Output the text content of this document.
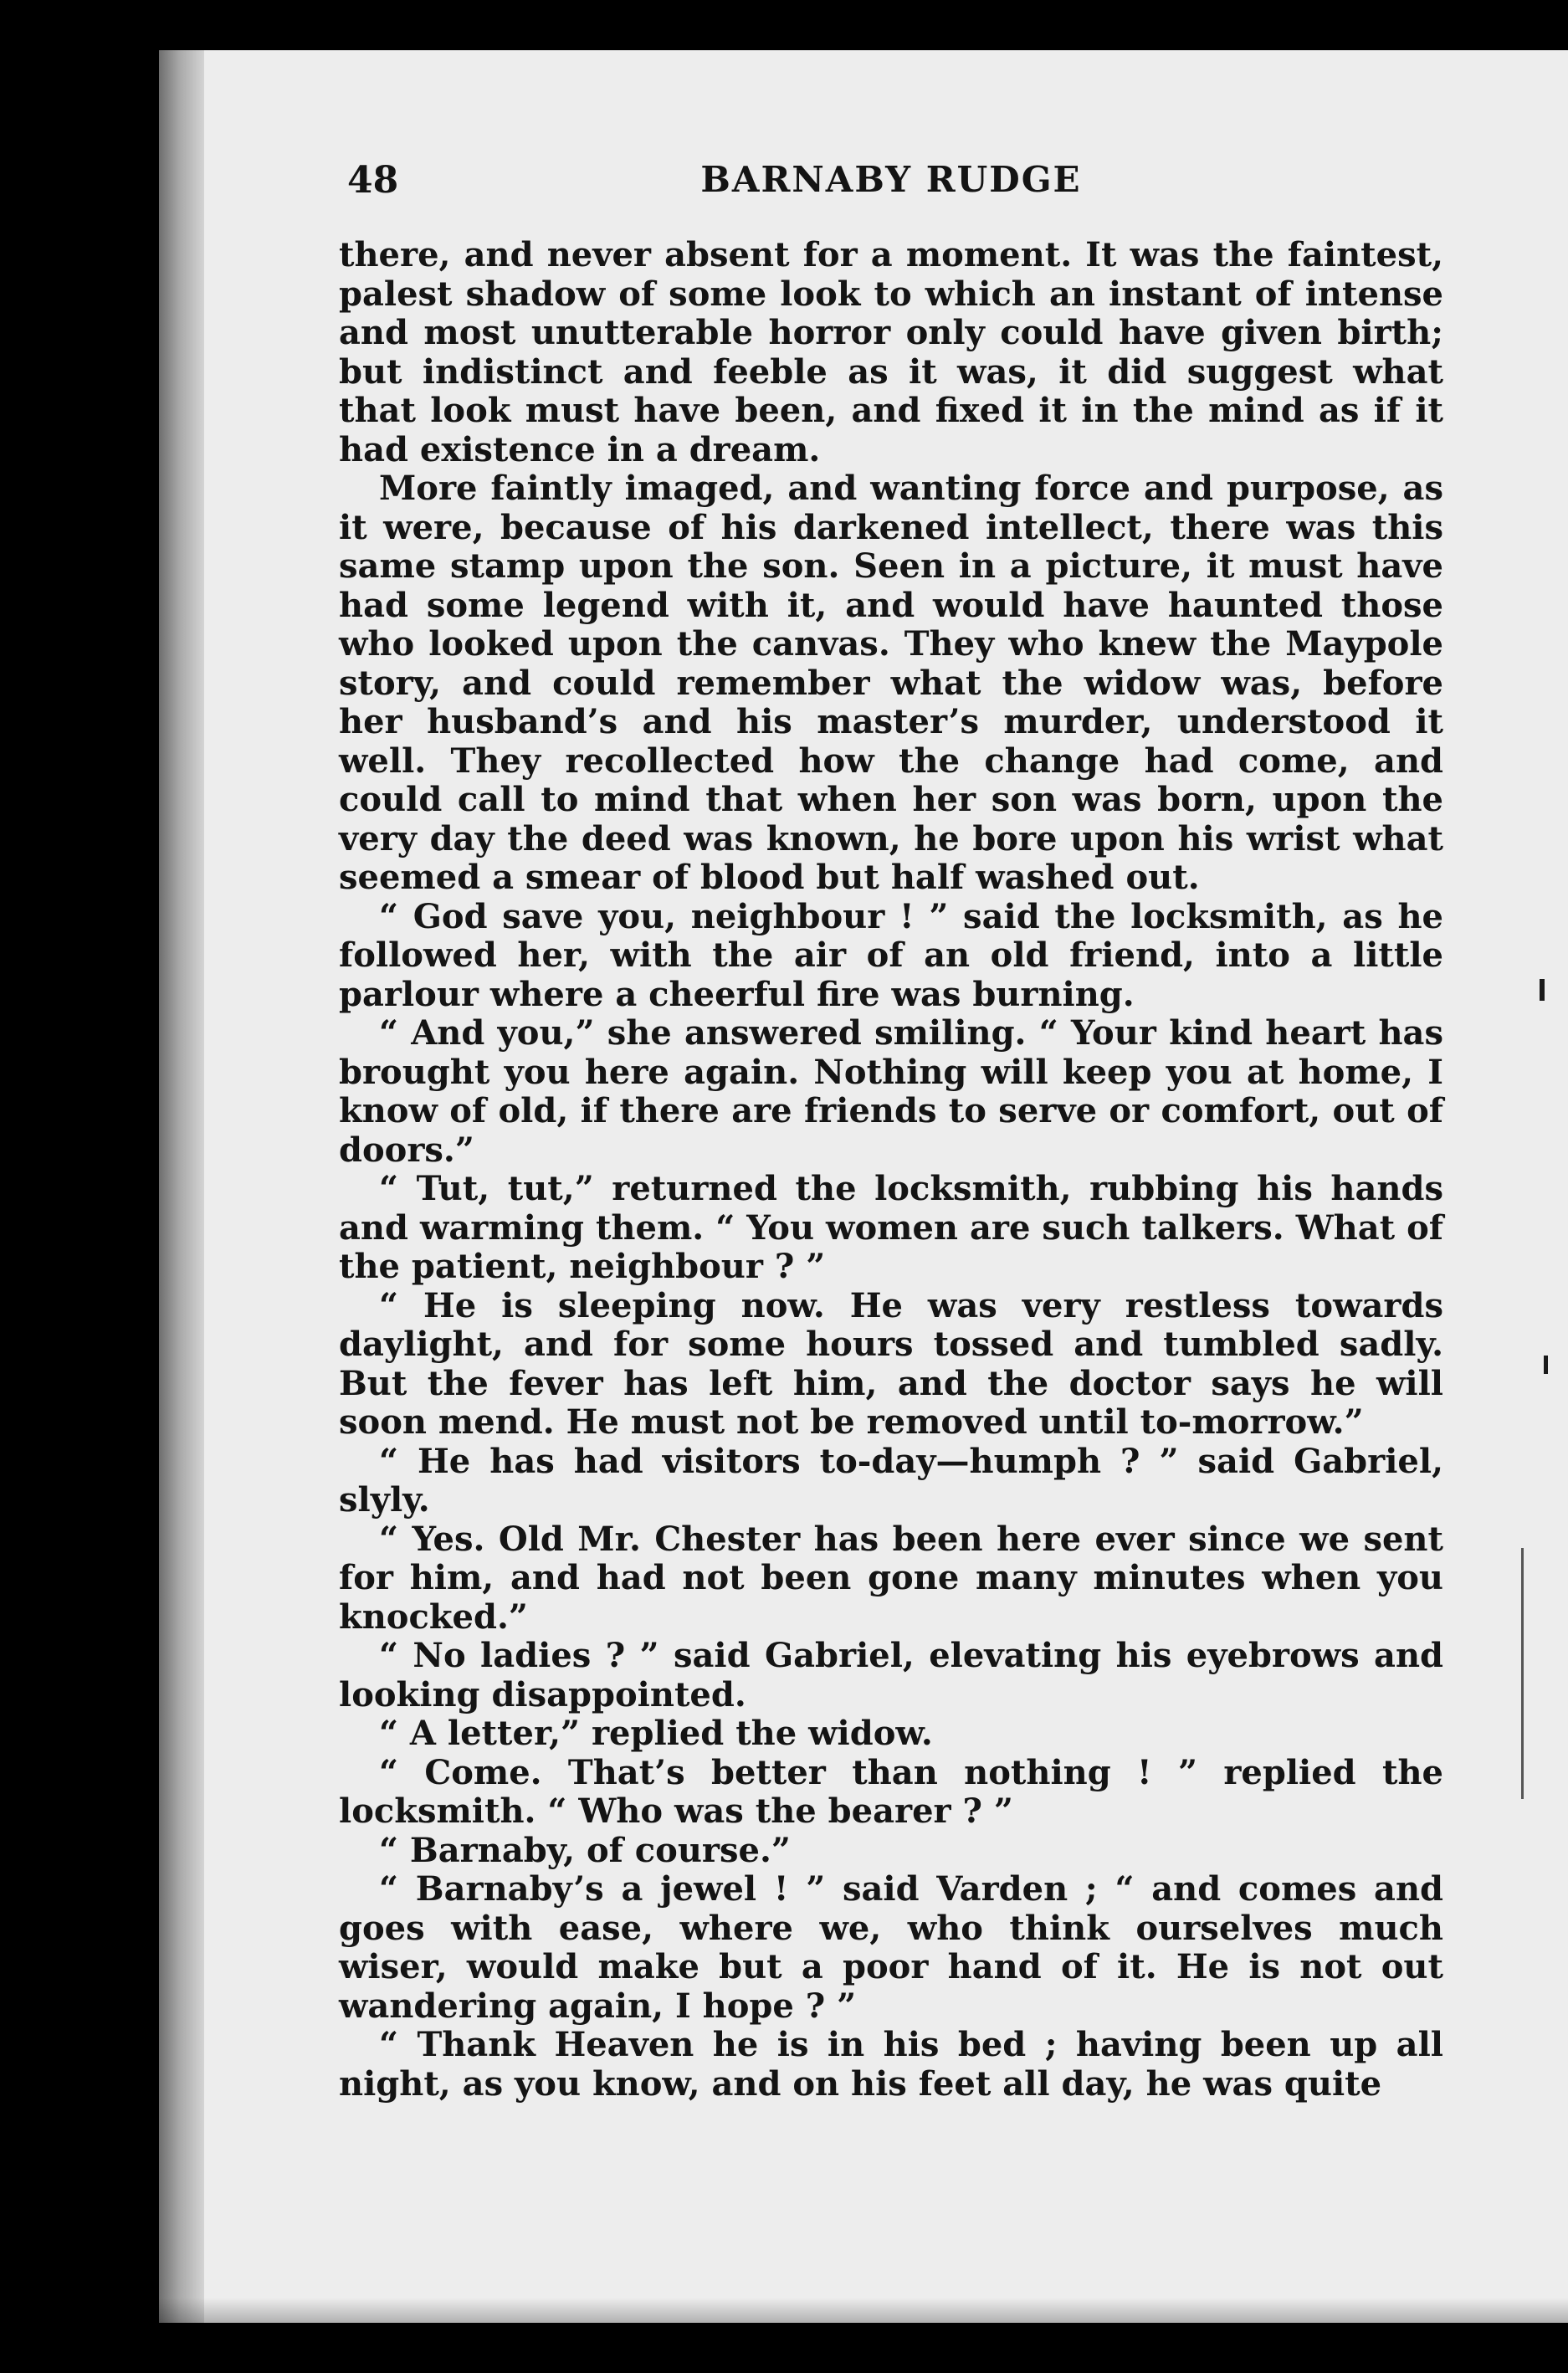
48	BARNABY RUDGE

there, and never absent for a moment. It was the faintest, palest shadow of some look to which an instant of intense and most unutterable horror only could have given birth; but indistinct and feeble as it was, it did suggest what that look must have been, and fixed it in the mind as if it had existence in a dream.

More faintly imaged, and wanting force and purpose, as it were, because of his darkened intellect, there was this same stamp upon the son. Seen in a picture, it must have had some legend with it, and would have haunted those who looked upon the canvas. They who knew the Maypole story, and could remember what the widow was, before her husband’s and his master’s murder, understood it well. They recollected how the change had come, and could call to mind that when her son was born, upon the very day the deed was known, he bore upon his wrist what seemed a smear of blood but half washed out.

“ God save you, neighbour ! ” said the locksmith, as he followed her, with the air of an old friend, into a little parlour where a cheerful fire was burning.

“ And you,” she answered smiling. “ Your kind heart has brought you here again. Nothing will keep you at home, I know of old, if there are friends to serve or comfort, out of doors.”

“ Tut, tut,” returned the locksmith, rubbing his hands and warming them. “ You women are such talkers. What of the patient, neighbour ? ”

“ He is sleeping now. He was very restless towards daylight, and for some hours tossed and tumbled sadly. But the fever has left him, and the doctor says he will soon mend. He must not be removed until to-morrow.”

“ He has had visitors to-day—humph ? ” said Gabriel, slyly.

“ Yes. Old Mr. Chester has been here ever since we sent for him, and had not been gone many minutes when you knocked.”

“ No ladies ? ” said Gabriel, elevating his eyebrows and looking disappointed.

“ A letter,” replied the widow.

“ Come. That’s better than nothing ! ” replied the locksmith. “ Who was the bearer ? ”

“ Barnaby, of course.”

“ Barnaby’s a jewel ! ” said Varden ; “ and comes and goes with ease, where we, who think ourselves much wiser, would make but a poor hand of it. He is not out wandering again, I hope ? ”

“ Thank Heaven he is in his bed ; having been up all night, as you know, and on his feet all day, he was quite
